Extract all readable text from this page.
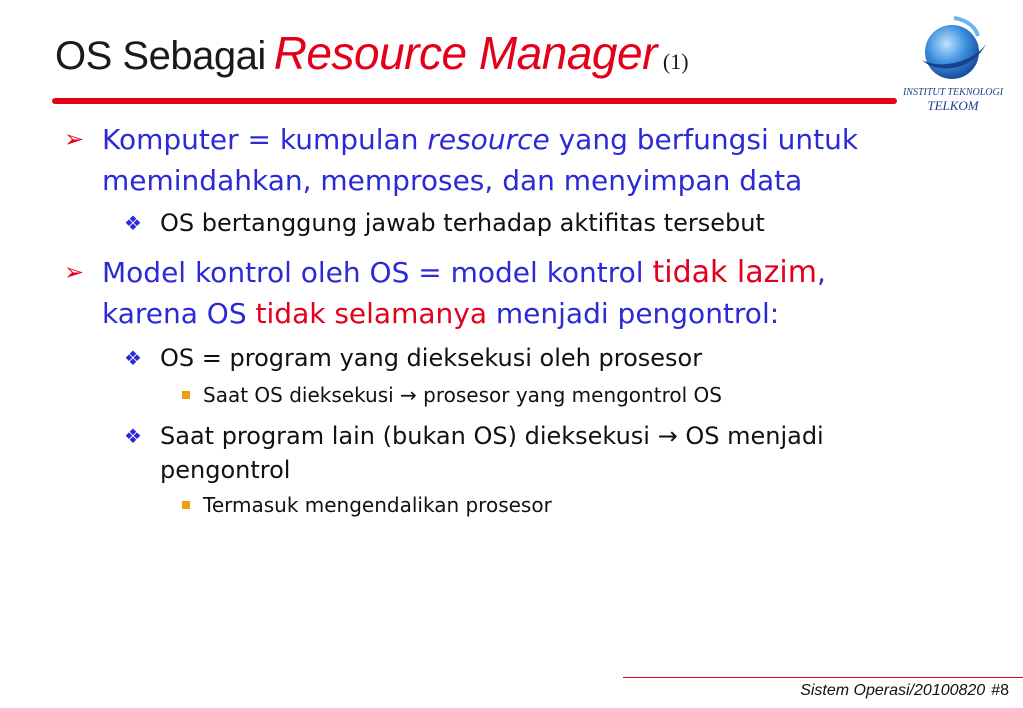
OS Sebagai Resource Manager (1)
INSTITUT TEKNOLOGI
TELKOM
➢ Komputer = kumpulan resource yang berfungsi untuk
memindahkan, memproses, dan menyimpan data
❖ OS bertanggung jawab terhadap aktifitas tersebut
➢ Model kontrol oleh OS = model kontrol tidak lazim,
karena OS tidak selamanya menjadi pengontrol:
❖ OS = program yang dieksekusi oleh prosesor
Saat OS dieksekusi → prosesor yang mengontrol OS
❖ Saat program lain (bukan OS) dieksekusi → OS menjadi
pengontrol
Termasuk mengendalikan prosesor
Sistem Operasi/20100820 #8
